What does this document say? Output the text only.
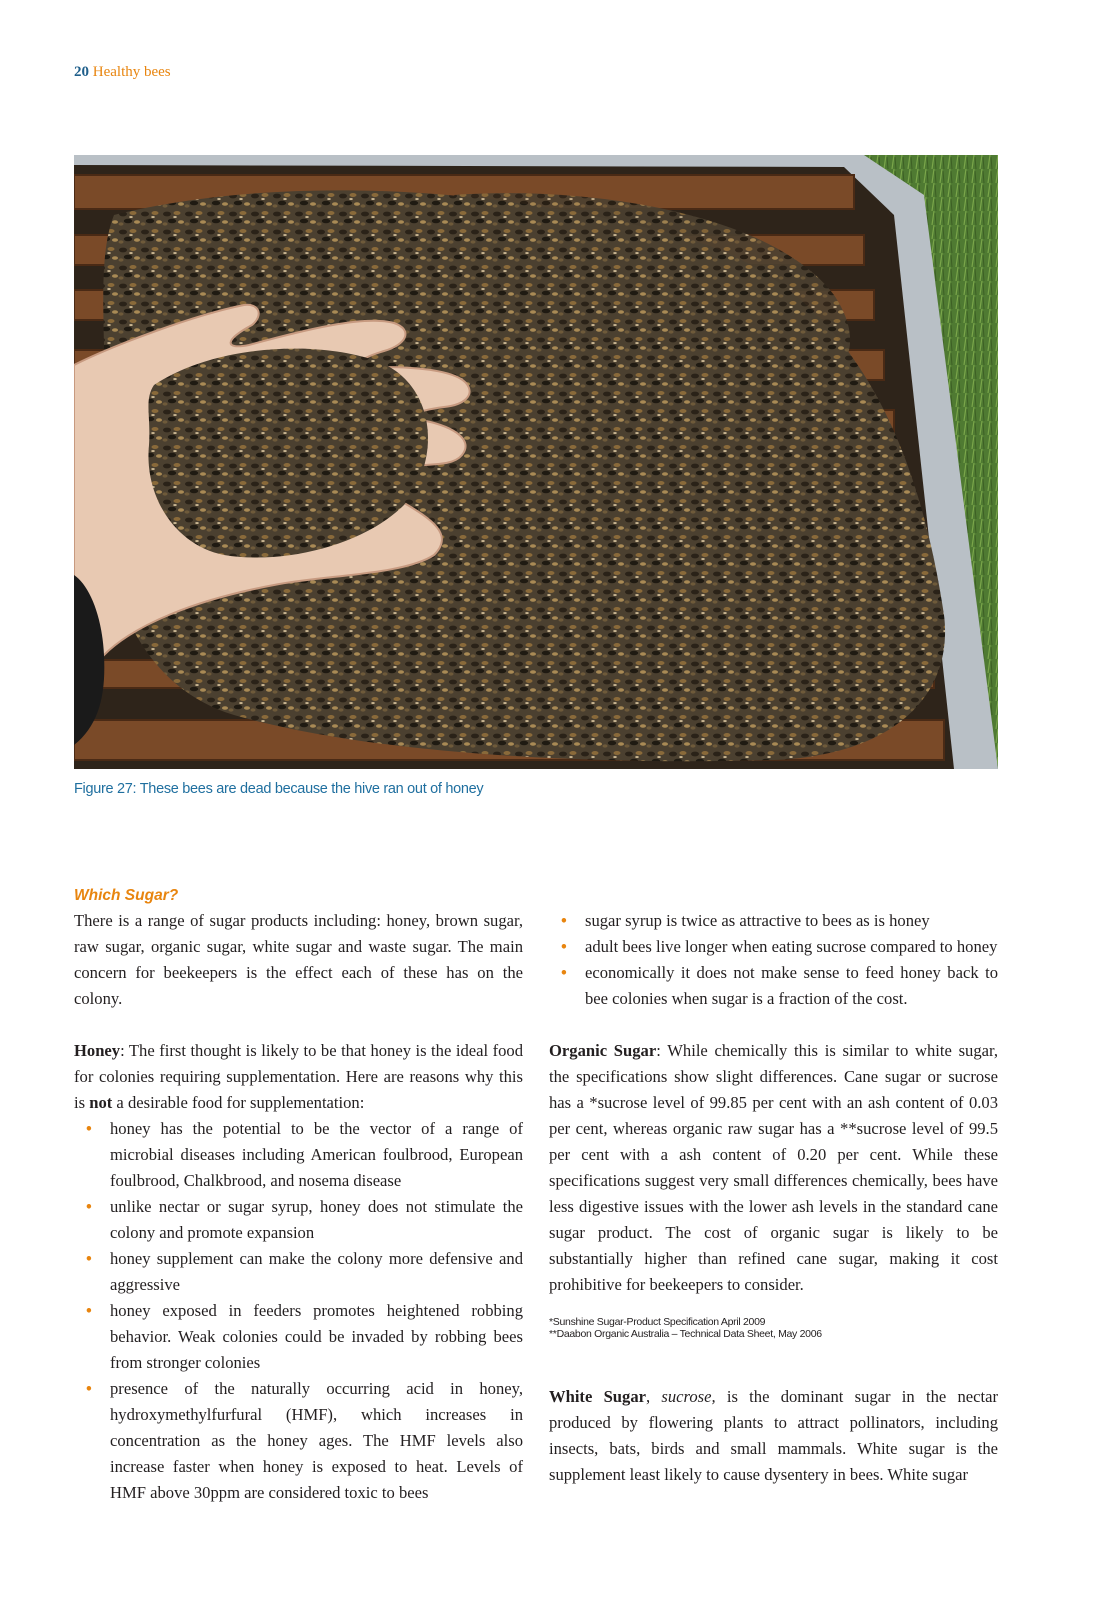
20 Healthy bees
Figure 27: These bees are dead because the hive ran out of honey

Which Sugar?

There is a range of sugar products including: honey, brown sugar, raw sugar, organic sugar, white sugar and waste sugar. The main concern for beekeepers is the effect each of these has on the colony.

Honey: The first thought is likely to be that honey is the ideal food for colonies requiring supplementation. Here are reasons why this is not a desirable food for supplementation:

• honey has the potential to be the vector of a range of microbial diseases including American foulbrood, European foulbrood, Chalkbrood, and nosema disease
• unlike nectar or sugar syrup, honey does not stimulate the colony and promote expansion
• honey supplement can make the colony more defensive and aggressive
• honey exposed in feeders promotes heightened robbing behavior. Weak colonies could be invaded by robbing bees from stronger colonies
• presence of the naturally occurring acid in honey, hydroxymethylfurfural (HMF), which increases in concentration as the honey ages. The HMF levels also increase faster when honey is exposed to heat. Levels of HMF above 30ppm are considered toxic to bees
• sugar syrup is twice as attractive to bees as is honey
• adult bees live longer when eating sucrose compared to honey
• economically it does not make sense to feed honey back to bee colonies when sugar is a fraction of the cost.

Organic Sugar: While chemically this is similar to white sugar, the specifications show slight differences. Cane sugar or sucrose has a *sucrose level of 99.85 per cent with an ash content of 0.03 per cent, whereas organic raw sugar has a **sucrose level of 99.5 per cent with a ash content of 0.20 per cent. While these specifications suggest very small differences chemically, bees have less digestive issues with the lower ash levels in the standard cane sugar product. The cost of organic sugar is likely to be substantially higher than refined cane sugar, making it cost prohibitive for beekeepers to consider.

*Sunshine Sugar-Product Specification April 2009

**Daabon Organic Australia – Technical Data Sheet, May 2006

White Sugar, sucrose, is the dominant sugar in the nectar produced by flowering plants to attract pollinators, including insects, bats, birds and small mammals. White sugar is the supplement least likely to cause dysentery in bees. White sugar
